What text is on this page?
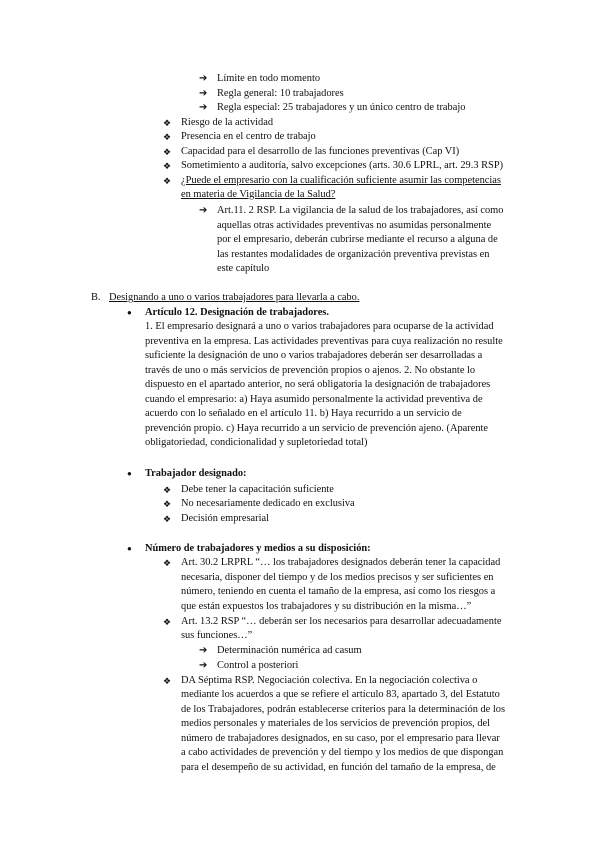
➔ Límite en todo momento
➔ Regla general: 10 trabajadores
➔ Regla especial: 25 trabajadores y un único centro de trabajo
❖ Riesgo de la actividad
❖ Presencia en el centro de trabajo
❖ Capacidad para el desarrollo de las funciones preventivas (Cap VI)
❖ Sometimiento a auditoría, salvo excepciones (arts. 30.6 LPRL, art. 29.3 RSP)
❖ ¿Puede el empresario con la cualificación suficiente asumir las competencias
en materia de Vigilancia de la Salud?
➔ Art.11. 2 RSP. La vigilancia de la salud de los trabajadores, así como
aquellas otras actividades preventivas no asumidas personalmente
por el empresario, deberán cubrirse mediante el recurso a alguna de
las restantes modalidades de organización preventiva previstas en
este capítulo
B. Designando a uno o varios trabajadores para llevarla a cabo.
● Artículo 12. Designación de trabajadores.
1. El empresario designará a uno o varios trabajadores para ocuparse de la actividad
preventiva en la empresa. Las actividades preventivas para cuya realización no resulte
suficiente la designación de uno o varios trabajadores deberán ser desarrolladas a
través de uno o más servicios de prevención propios o ajenos. 2. No obstante lo
dispuesto en el apartado anterior, no será obligatoria la designación de trabajadores
cuando el empresario: a) Haya asumido personalmente la actividad preventiva de
acuerdo con lo señalado en el artículo 11. b) Haya recurrido a un servicio de
prevención propio. c) Haya recurrido a un servicio de prevención ajeno. (Aparente
obligatoriedad, condicionalidad y supletoriedad total)
● Trabajador designado:
❖ Debe tener la capacitación suficiente
❖ No necesariamente dedicado en exclusiva
❖ Decisión empresarial
● Número de trabajadores y medios a su disposición:
❖ Art. 30.2 LRPRL “… los trabajadores designados deberán tener la capacidad
necesaria, disponer del tiempo y de los medios precisos y ser suficientes en
número, teniendo en cuenta el tamaño de la empresa, así como los riesgos a
que están expuestos los trabajadores y su distribución en la misma…”
❖ Art. 13.2 RSP “… deberán ser los necesarios para desarrollar adecuadamente
sus funciones…”
➔ Determinación numérica ad casum
➔ Control a posteriori
❖ DA Séptima RSP. Negociación colectiva. En la negociación colectiva o
mediante los acuerdos a que se refiere el artículo 83, apartado 3, del Estatuto
de los Trabajadores, podrán establecerse criterios para la determinación de los
medios personales y materiales de los servicios de prevención propios, del
número de trabajadores designados, en su caso, por el empresario para llevar
a cabo actividades de prevención y del tiempo y los medios de que dispongan
para el desempeño de su actividad, en función del tamaño de la empresa, de
